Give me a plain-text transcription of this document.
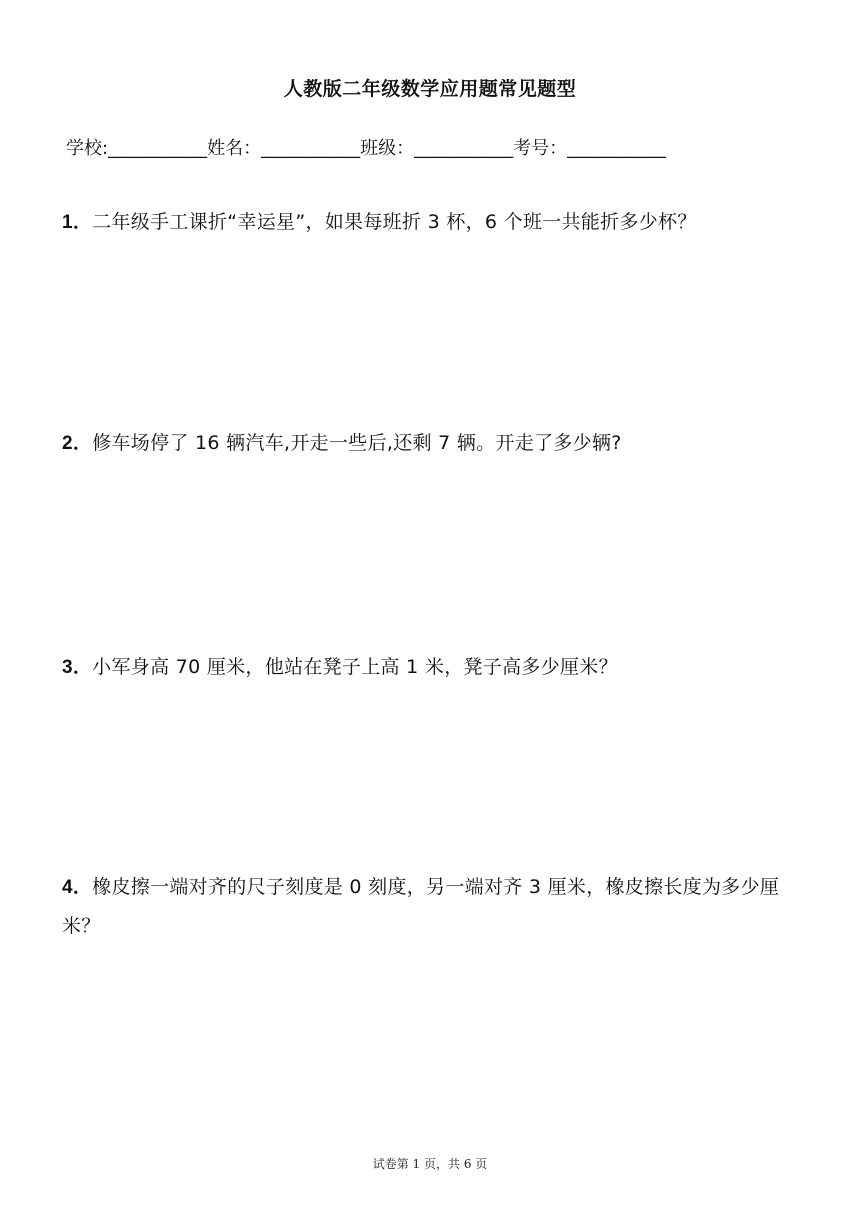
人教版二年级数学应用题常见题型
学校:___________姓名：___________班级：___________考号：___________
1．二年级手工课折“幸运星”，如果每班折 3 杯，6 个班一共能折多少杯？
2．修车场停了 16 辆汽车,开走一些后,还剩 7 辆。开走了多少辆?
3．小军身高 70 厘米，他站在凳子上高 1 米，凳子高多少厘米？
4．橡皮擦一端对齐的尺子刻度是 0 刻度，另一端对齐 3 厘米，橡皮擦长度为多少厘米？
试卷第 1 页，共 6 页
